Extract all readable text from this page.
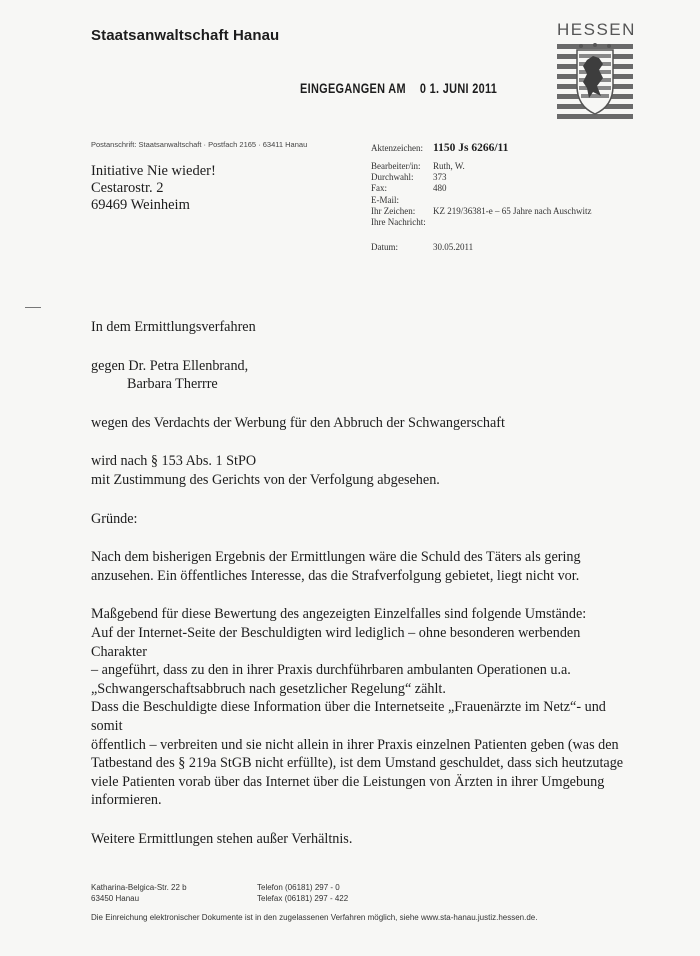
Staatsanwaltschaft Hanau	HESSEN
EINGEGANGEN AM 0 1. JUNI 2011
Postanschrift: Staatsanwaltschaft · Postfach 2165 · 63411 Hanau
Initiative Nie wieder!
Cestarostr. 2
69469 Weinheim
Aktenzeichen: 1150 Js 6266/11
Bearbeiter/in:	Ruth, W.
Durchwahl:	373
Fax:	480
E-Mail:
Ihr Zeichen:	KZ 219/36381-e – 65 Jahre nach Auschwitz
Ihre Nachricht:
Datum:	30.05.2011

In dem Ermittlungsverfahren

gegen Dr. Petra Ellenbrand,

Barbara Therrre

wegen des Verdachts der Werbung für den Abbruch der Schwangerschaft

wird nach § 153 Abs. 1 StPO

mit Zustimmung des Gerichts von der Verfolgung abgesehen.

Gründe:

Nach dem bisherigen Ergebnis der Ermittlungen wäre die Schuld des Täters als gering

anzusehen. Ein öffentliches Interesse, das die Strafverfolgung gebietet, liegt nicht vor.

Maßgebend für diese Bewertung des angezeigten Einzelfalles sind folgende Umstände:

Auf der Internet-Seite der Beschuldigten wird lediglich – ohne besonderen werbenden Charakter

– angeführt, dass zu den in ihrer Praxis durchführbaren ambulanten Operationen u.a.

„Schwangerschaftsabbruch nach gesetzlicher Regelung“ zählt.

Dass die Beschuldigte diese Information über die Internetseite „Frauenärzte im Netz“- und somit

öffentlich – verbreiten und sie nicht allein in ihrer Praxis einzelnen Patienten geben (was den

Tatbestand des § 219a StGB nicht erfüllte), ist dem Umstand geschuldet, dass sich heutzutage

viele Patienten vorab über das Internet über die Leistungen von Ärzten in ihrer Umgebung

informieren.

Weitere Ermittlungen stehen außer Verhältnis.

Katharina-Belgica-Str. 22 b
63450 Hanau
Telefon (06181) 297 - 0
Telefax (06181) 297 - 422
Die Einreichung elektronischer Dokumente ist in den zugelassenen Verfahren möglich, siehe www.sta-hanau.justiz.hessen.de.
